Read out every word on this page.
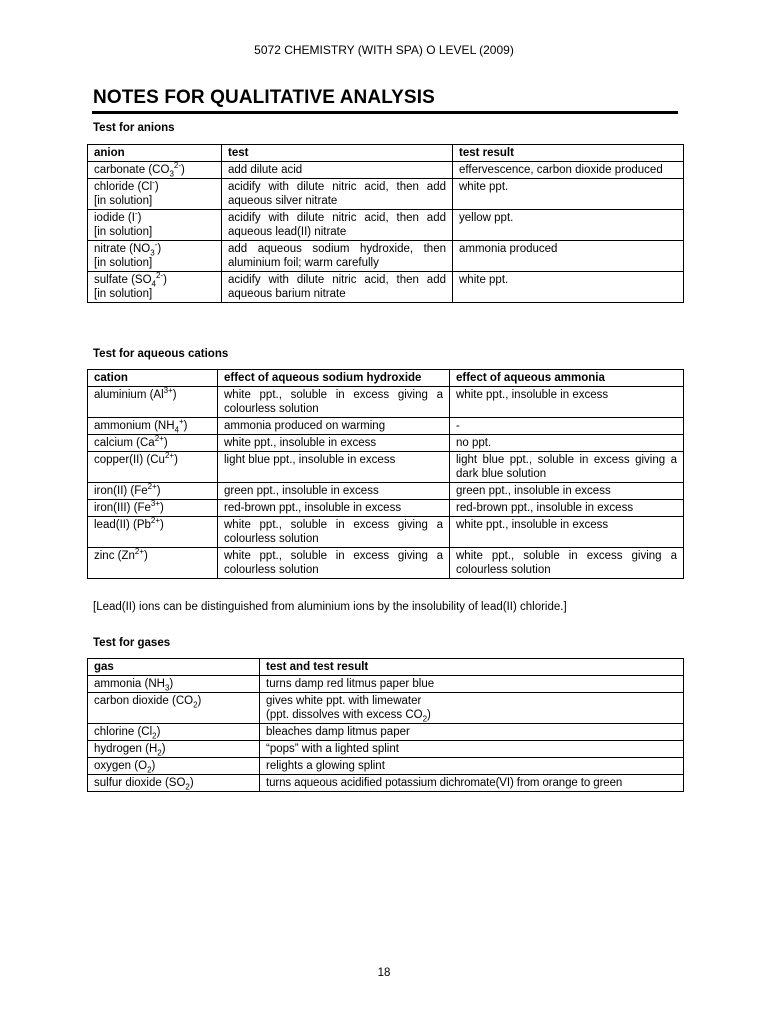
5072 CHEMISTRY (WITH SPA) O LEVEL (2009)
NOTES FOR QUALITATIVE ANALYSIS
Test for anions
anion	test	test result
carbonate $(CO_3^{2-})$	add dilute acid	effervescence, carbon dioxide produced
chloride (Cl-)
[in solution]	acidify with dilute nitric acid, then add aqueous silver nitrate	white ppt.
iodide (I-)
[in solution]	acidify with dilute nitric acid, then add aqueous lead(II) nitrate	yellow ppt.
nitrate $(NO_3^-)$
[in solution]	add aqueous sodium hydroxide, then aluminium foil; warm carefully	ammonia produced
sulfate $(SO_4^{2-})$
[in solution]	acidify with dilute nitric acid, then add aqueous barium nitrate	white ppt.
Test for aqueous cations
cation	effect of aqueous sodium hydroxide	effect of aqueous ammonia
aluminium $(Al^{3+})$	white ppt., soluble in excess giving a colourless solution	white ppt., insoluble in excess
ammonium $(NH_4^+)$	ammonia produced on warming	-
calcium $(Ca^{2+})$	white ppt., insoluble in excess	no ppt.
copper(II) $(Cu^{2+})$	light blue ppt., insoluble in excess	light blue ppt., soluble in excess giving a dark blue solution
iron(II) $(Fe^{2+})$	green ppt., insoluble in excess	green ppt., insoluble in excess
iron(III) $(Fe^{3+})$	red-brown ppt., insoluble in excess	red-brown ppt., insoluble in excess
lead(II) $(Pb^{2+})$	white ppt., soluble in excess giving a colourless solution	white ppt., insoluble in excess
zinc $(Zn^{2+})$	white ppt., soluble in excess giving a colourless solution	white ppt., soluble in excess giving a colourless solution
[Lead(II) ions can be distinguished from aluminium ions by the insolubility of lead(II) chloride.]
Test for gases
gas	test and test result
ammonia $(NH_3)$	turns damp red litmus paper blue
carbon dioxide $(CO_2)$	gives white ppt. with limewater
(ppt. dissolves with excess $CO_2$)
chlorine $(Cl_2)$	bleaches damp litmus paper
hydrogen $(H_2)$	“pops” with a lighted splint
oxygen $(O_2)$	relights a glowing splint
sulfur dioxide $(SO_2)$	turns aqueous acidified potassium dichromate(VI) from orange to green
18
